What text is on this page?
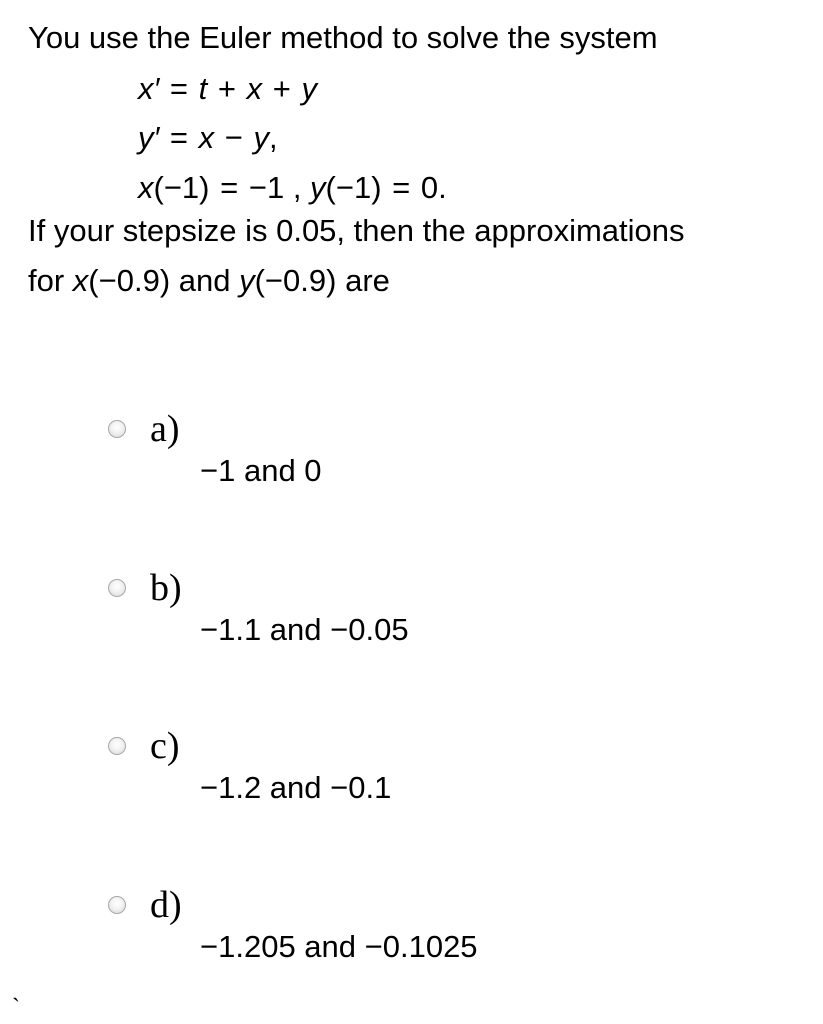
You use the Euler method to solve the system
x′ = t + x + y
y′ = x − y,
x(−1) = −1 , y(−1) = 0.
If your stepsize is 0.05, then the approximations
for x(−0.9) and y(−0.9) are
a)
−1 and 0
b)
−1.1 and −0.05
c)
−1.2 and −0.1
d)
−1.205 and −0.1025
`
